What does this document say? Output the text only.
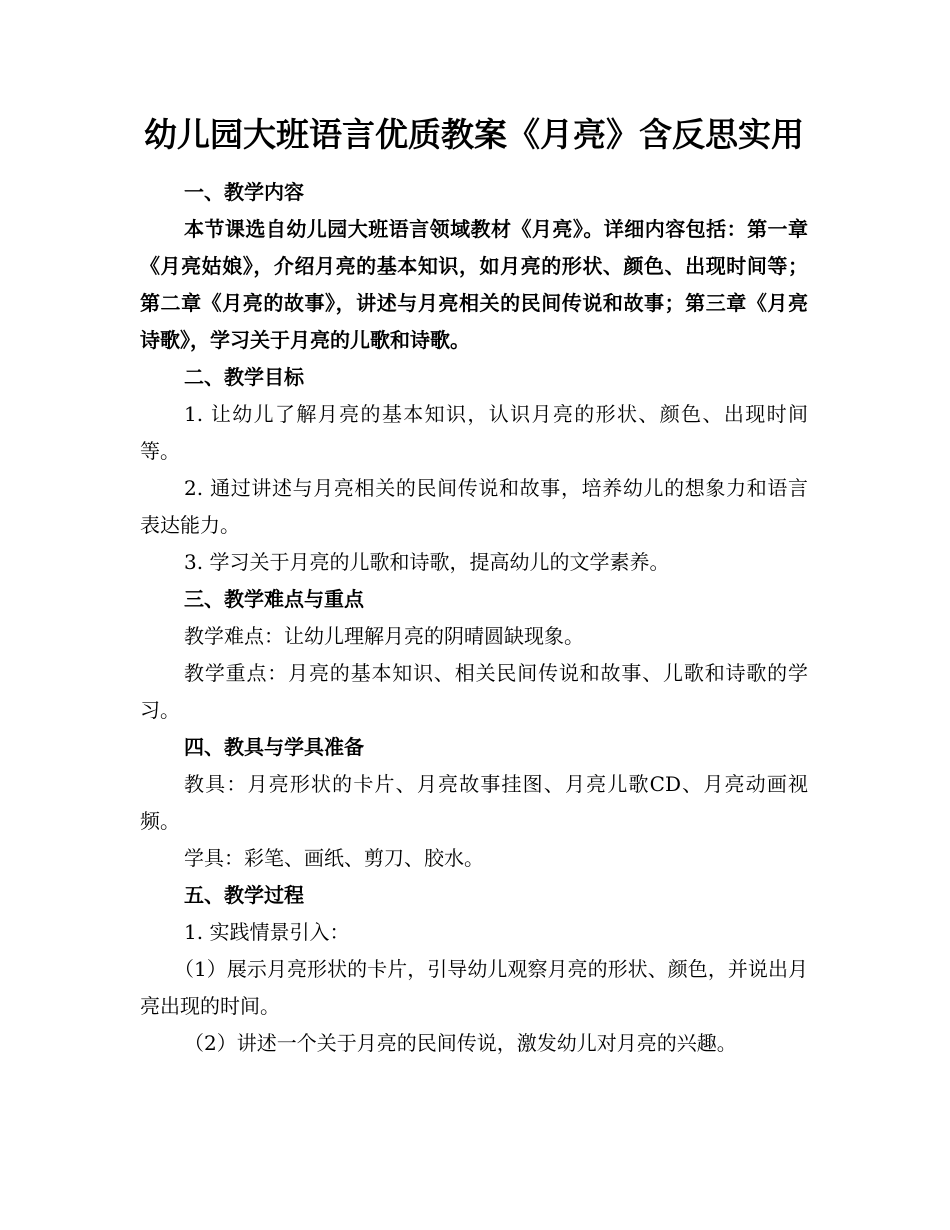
幼儿园大班语言优质教案《月亮》含反思实用

一、教学内容

本节课选自幼儿园大班语言领域教材《月亮》。详细内容包括：第一章《月亮姑娘》，介绍月亮的基本知识，如月亮的形状、颜色、出现时间等；第二章《月亮的故事》，讲述与月亮相关的民间传说和故事；第三章《月亮诗歌》，学习关于月亮的儿歌和诗歌。

二、教学目标

1. 让幼儿了解月亮的基本知识，认识月亮的形状、颜色、出现时间等。

2. 通过讲述与月亮相关的民间传说和故事，培养幼儿的想象力和语言表达能力。

3. 学习关于月亮的儿歌和诗歌，提高幼儿的文学素养。

三、教学难点与重点

教学难点：让幼儿理解月亮的阴晴圆缺现象。

教学重点：月亮的基本知识、相关民间传说和故事、儿歌和诗歌的学习。

四、教具与学具准备

教具：月亮形状的卡片、月亮故事挂图、月亮儿歌CD、月亮动画视频。

学具：彩笔、画纸、剪刀、胶水。

五、教学过程

1. 实践情景引入：

（1）展示月亮形状的卡片，引导幼儿观察月亮的形状、颜色，并说出月亮出现的时间。

（2）讲述一个关于月亮的民间传说，激发幼儿对月亮的兴趣。
